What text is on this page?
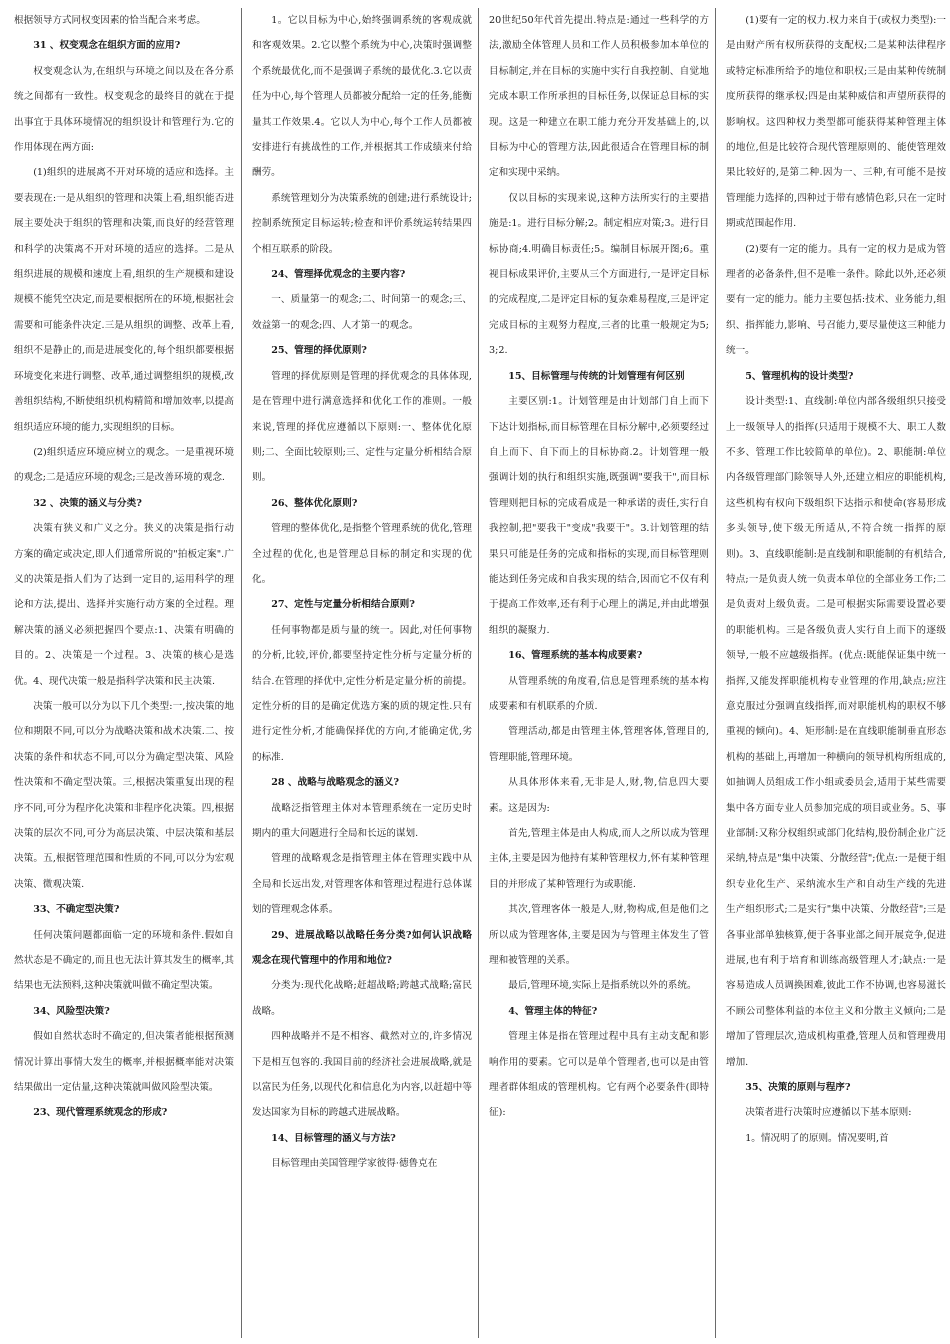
根据领导方式同权变因素的恰当配合来考虑。

31 、权变观念在组织方面的应用?

权变观念认为,在组织与环境之间以及在各分系统之间都有一致性。权变观念的最终目的就在于提出事宜于具体环境情况的组织设计和管理行为.它的作用体现在两方面:

(1)组织的进展离不开对环境的适应和选择。主要表现在:一是从组织的管理和决策上看,组织能否进展主要处决于组织的管理和决策,而良好的经营管理和科学的决策离不开对环境的适应的选择。二是从组织进展的规模和速度上看,组织的生产规模和建设规模不能凭空决定,而是要根据所在的环境,根据社会需要和可能条件决定.三是从组织的调整、改革上看,组织不是静止的,而是进展变化的,每个组织都要根据环境变化来进行调整、改革,通过调整组织的规模,改善组织结构,不断使组织机构精简和增加效率,以提高组织适应环境的能力,实现组织的目标。

(2)组织适应环境应树立的观念。一是重视环境的观念;二是适应环境的观念;三是改善环境的观念.

32 、决策的涵义与分类?

决策有狭义和广义之分。狭义的决策是指行动方案的确定或决定,即人们通常所说的"拍板定案".广义的决策是指人们为了达到一定目的,运用科学的理论和方法,提出、选择并实施行动方案的全过程。理解决策的涵义必须把握四个要点:1、决策有明确的目的。2、决策是一个过程。3、决策的核心是选优。4、现代决策一般是指科学决策和民主决策.

决策一般可以分为以下几个类型:一,按决策的地位和期限不同,可以分为战略决策和战术决策.二、按决策的条件和状态不同,可以分为确定型决策、风险性决策和不确定型决策。三,根据决策重复出现的程序不同,可分为程序化决策和非程序化决策。四,根据决策的层次不同,可分为高层决策、中层决策和基层决策。五,根据管理范围和性质的不同,可以分为宏观决策、微观决策.

33、不确定型决策?

任何决策问题都面临一定的环境和条件.假如自然状态是不确定的,而且也无法计算其发生的概率,其结果也无法预料,这种决策就叫做不确定型决策。

34、风险型决策?

假如自然状态时不确定的,但决策者能根据预测情况计算出事情大发生的概率,并根据概率能对决策结果做出一定估量,这种决策就叫做风险型决策。

23、现代管理系统观念的形成?

1。它以目标为中心,始终强调系统的客观成就和客观效果。2.它以整个系统为中心,决策时强调整个系统最优化,而不是强调子系统的最优化.3.它以责任为中心,每个管理人员都被分配给一定的任务,能衡量其工作效果.4。它以人为中心,每个工作人员都被安排进行有挑战性的工作,并根据其工作成绩来付给酬劳。

系统管理划分为决策系统的创建;进行系统设计;控制系统预定目标运转;检查和评价系统运转结果四个相互联系的阶段。

24、管理择优观念的主要内容?

一、质量第一的观念;二、时间第一的观念;三、效益第一的观念;四、人才第一的观念。

25、管理的择优原则?

管理的择优原则是管理的择优观念的具体体现,是在管理中进行满意选择和优化工作的准则。一般来说,管理的择优应遵循以下原则:一、整体优化原则;二、全面比较原则;三、定性与定量分析相结合原则。

26、整体优化原则?

管理的整体优化,是指整个管理系统的优化,管理全过程的优化,也是管理总目标的制定和实现的优化。

27、定性与定量分析相结合原则?

任何事物都是质与量的统一。因此,对任何事物的分析,比较,评价,都要坚持定性分析与定量分析的结合.在管理的择优中,定性分析是定量分析的前提。定性分析的目的是确定优选方案的质的规定性.只有进行定性分析,才能确保择优的方向,才能确定优,劣的标准.

28 、战略与战略观念的涵义?

战略泛指管理主体对本管理系统在一定历史时期内的重大问题进行全局和长远的谋划.

管理的战略观念是指管理主体在管理实践中从全局和长远出发,对管理客体和管理过程进行总体谋划的管理观念体系。

29、进展战略以战略任务分类?如何认识战略观念在现代管理中的作用和地位?

分类为:现代化战略;赶超战略;跨越式战略;富民战略。

四种战略并不是不相容、截然对立的,许多情况下是相互包容的.我国目前的经济社会进展战略,就是以富民为任务,以现代化和信息化为内容,以赶超中等发达国家为目标的跨越式进展战略。

14、目标管理的涵义与方法?

目标管理由美国管理学家彼得·德鲁克在

20世纪50年代首先提出.特点是:通过一些科学的方法,激励全体管理人员和工作人员积极参加本单位的目标制定,并在目标的实施中实行自我控制、自觉地完成本职工作所承担的目标任务,以保证总目标的实现。这是一种建立在职工能力充分开发基础上的,以目标为中心的管理方法,因此很适合在管理目标的制定和实现中采纳。

仅以目标的实现来说,这种方法所实行的主要措施是:1。进行目标分解;2。制定相应对策;3。进行目标协商;4.明确目标责任;5。编制目标展开图;6。重视目标成果评价,主要从三个方面进行,一是评定目标的完成程度,二是评定目标的复杂难易程度,三是评定完成目标的主观努力程度,三者的比重一般规定为5;3;2.

15、目标管理与传统的计划管理有何区别

主要区别:1。计划管理是由计划部门自上而下下达计划指标,而目标管理在目标分解中,必须要经过自上而下、自下而上的目标协商.2。计划管理一般强调计划的执行和组织实施,既强调"要我干",而目标管理则把目标的完成看成是一种承诺的责任,实行自我控制,把"要我干"变成"我要干"。3.计划管理的结果只可能是任务的完成和指标的实现,而目标管理则能达到任务完成和自我实现的结合,因而它不仅有利于提高工作效率,还有利于心理上的满足,并由此增强组织的凝聚力.

16、管理系统的基本构成要素?

从管理系统的角度看,信息是管理系统的基本构成要素和有机联系的介质.

管理活动,都是由管理主体,管理客体,管理目的,管理职能,管理环境。

从具体形体来看,无非是人,财,物,信息四大要素。这是因为:

首先,管理主体是由人构成,而人之所以成为管理主体,主要是因为他持有某种管理权力,怀有某种管理目的并形成了某种管理行为或职能.

其次,管理客体一般是人,财,物构成,但是他们之所以成为管理客体,主要是因为与管理主体发生了管理和被管理的关系。

最后,管理环境,实际上是指系统以外的系统。

4、管理主体的特征?

管理主体是指在管理过程中具有主动支配和影响作用的要素。它可以是单个管理者,也可以是由管理者群体组成的管理机构。它有两个必要条件(即特征):

(1)要有一定的权力.权力来自于(或权力类型):一是由财产所有权所获得的支配权;二是某种法律程序或特定标准所给予的地位和职权;三是由某种传统制度所获得的继承权;四是由某种威信和声望所获得的影响权。这四种权力类型都可能获得某种管理主体的地位,但是比较符合现代管理原则的、能使管理效果比较好的,是第二种.因为一、三种,有可能不是按管理能力选择的,四种过于带有感情色彩,只在一定时期或范围起作用.

(2)要有一定的能力。具有一定的权力是成为管理者的必备条件,但不是唯一条件。除此以外,还必须要有一定的能力。能力主要包括:技术、业务能力,组织、指挥能力,影响、号召能力,要尽量使这三种能力统一。

5、管理机构的设计类型?

设计类型:1、直线制:单位内部各级组织只接受上一级领导人的指挥(只适用于规模不大、职工人数不多、管理工作比较简单的单位)。2、职能制:单位内各级管理部门除领导人外,还建立相应的职能机构,这些机构有权向下级组织下达指示和使命(容易形成多头领导,使下级无所适从,不符合统一指挥的原则)。3、直线职能制:是直线制和职能制的有机结合,特点;一是负责人统一负责本单位的全部业务工作;二是负责对上级负责。二是可根据实际需要设置必要的职能机构。三是各级负责人实行自上而下的逐级领导,一般不应越级指挥。(优点:既能保证集中统一指挥,又能发挥职能机构专业管理的作用,缺点;应注意克服过分强调直线指挥,而对职能机构的职权不够重视的倾向)。4、矩形制:是在直线职能制垂直形态机构的基础上,再增加一种横向的领导机构所组成的,如抽调人员组成工作小组或委员会,适用于某些需要集中各方面专业人员参加完成的项目或业务。5、事业部制:又称分权组织或部门化结构,股份制企业广泛采纳,特点是"集中决策、分散经营";优点:一是便于组织专业化生产、采纳流水生产和自动生产线的先进生产组织形式;二是实行"集中决策、分散经营";三是各事业部单独核算,便于各事业部之间开展竞争,促进进展,也有利于培育和训练高级管理人才;缺点:一是容易造成人员调换困难,彼此工作不协调,也容易滋长不顾公司整体利益的本位主义和分散主义倾向;二是增加了管理层次,造成机构重叠,管理人员和管理费用增加.

35、决策的原则与程序?

决策者进行决策时应遵循以下基本原则:

1。情况明了的原则。情况要明,首
